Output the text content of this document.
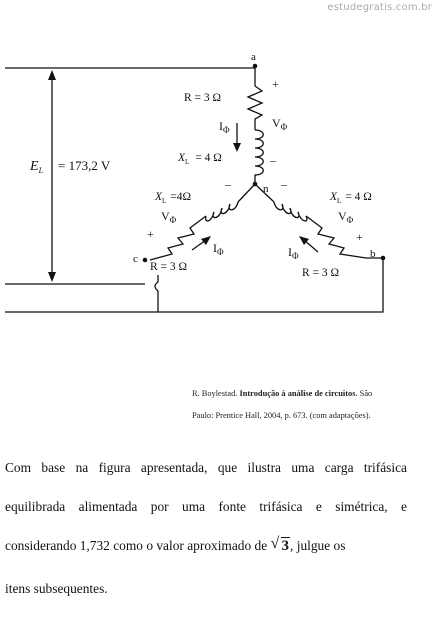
estudegratis.com.br
a
n
c	b
$E_L = 173,2$ V
+
R = 3 Ω
$I_\Phi$	$V_\Phi$
$X_L = 4$ Ω	–
–	–
$X_L =4\Omega$	$X_L = 4$ Ω
$V_\Phi$	$V_\Phi$
+	+
$I_\Phi$	$I_\Phi$
R = 3 Ω	R = 3 Ω
R. Boylestad. Introdução à análise de circuitos. São
Paulo: Prentice Hall, 2004, p. 673. (com adaptações).
Com base na figura apresentada, que ilustra uma carga trifásica
equilibrada alimentada por uma fonte trifásica e simétrica, e
considerando 1,732 como o valor aproximado de √ 3, julgue os
itens subsequentes.
